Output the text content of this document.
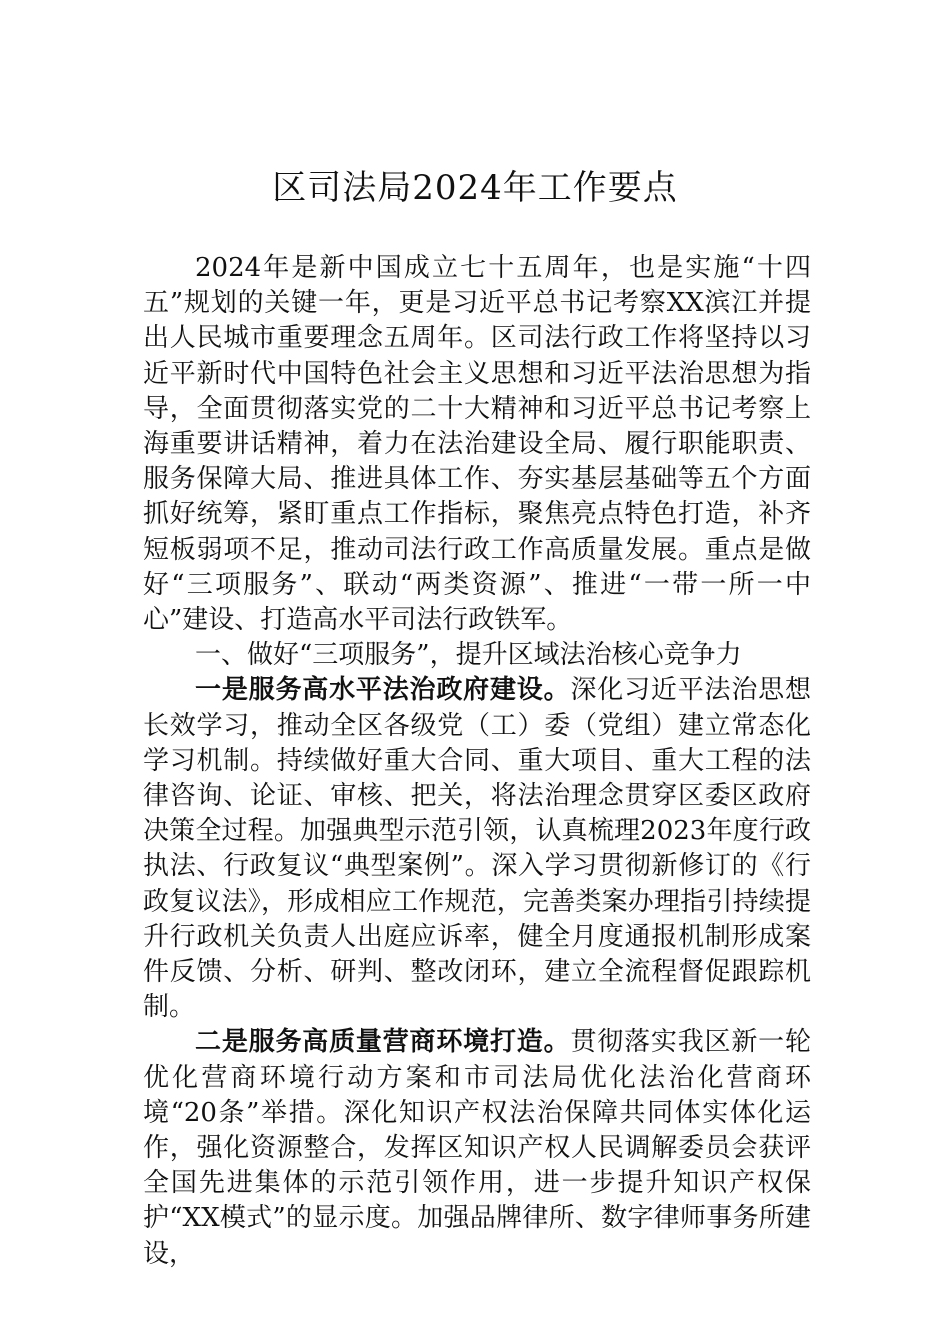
区司法局2024年工作要点

2024年是新中国成立七十五周年，也是实施“十四五”规划的关键一年，更是习近平总书记考察XX滨江并提出人民城市重要理念五周年。区司法行政工作将坚持以习近平新时代中国特色社会主义思想和习近平法治思想为指导，全面贯彻落实党的二十大精神和习近平总书记考察上海重要讲话精神，着力在法治建设全局、履行职能职责、服务保障大局、推进具体工作、夯实基层基础等五个方面抓好统筹，紧盯重点工作指标，聚焦亮点特色打造，补齐短板弱项不足，推动司法行政工作高质量发展。重点是做好“三项服务”、联动“两类资源”、推进“一带一所一中心”建设、打造高水平司法行政铁军。

一、做好“三项服务”，提升区域法治核心竞争力

一是服务高水平法治政府建设。深化习近平法治思想长效学习，推动全区各级党（工）委（党组）建立常态化学习机制。持续做好重大合同、重大项目、重大工程的法律咨询、论证、审核、把关，将法治理念贯穿区委区政府决策全过程。加强典型示范引领，认真梳理2023年度行政执法、行政复议“典型案例”。深入学习贯彻新修订的《行政复议法》，形成相应工作规范，完善类案办理指引持续提升行政机关负责人出庭应诉率，健全月度通报机制形成案件反馈、分析、研判、整改闭环，建立全流程督促跟踪机制。

二是服务高质量营商环境打造。贯彻落实我区新一轮优化营商环境行动方案和市司法局优化法治化营商环境“20条”举措。深化知识产权法治保障共同体实体化运作，强化资源整合，发挥区知识产权人民调解委员会获评全国先进集体的示范引领作用，进一步提升知识产权保护“XX模式”的显示度。加强品牌律所、数字律师事务所建设，
